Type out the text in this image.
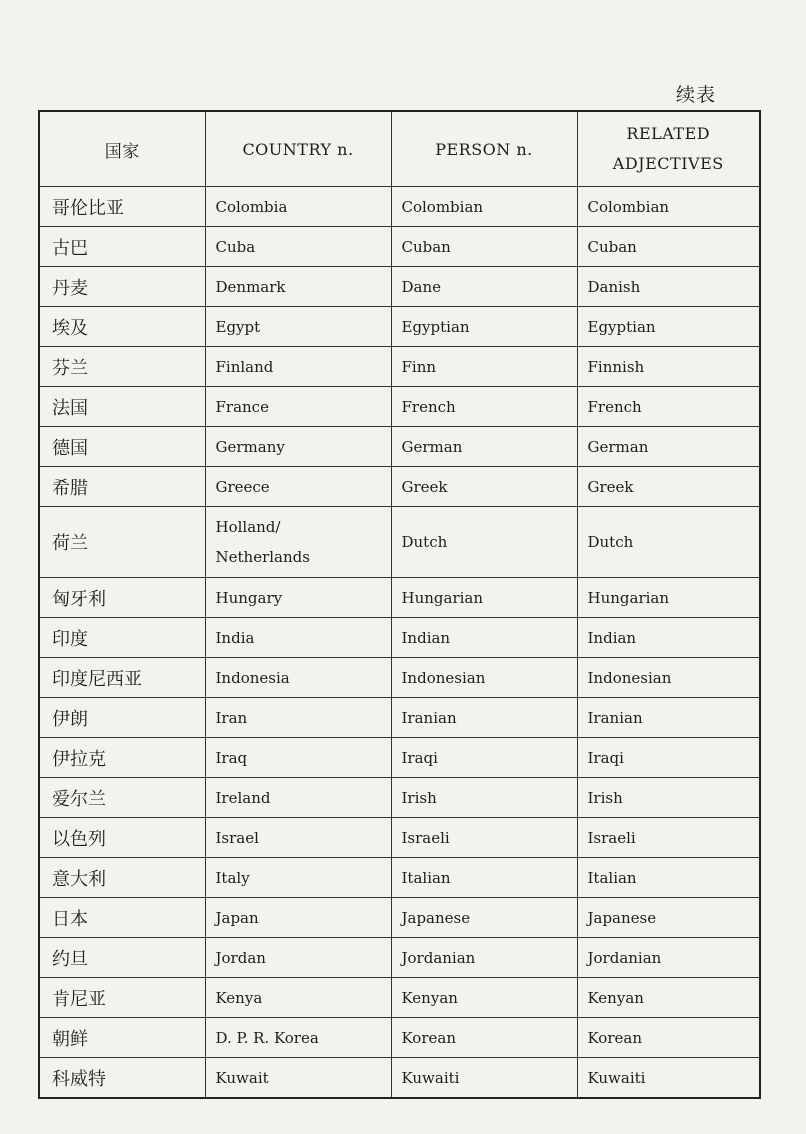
续表
国家	COUNTRY n.	PERSON n.	RELATED
ADJECTIVES

哥伦比亚	Colombia	Colombian	Colombian
古巴	Cuba	Cuban	Cuban
丹麦	Denmark	Dane	Danish
埃及	Egypt	Egyptian	Egyptian
芬兰	Finland	Finn	Finnish
法国	France	French	French
德国	Germany	German	German
希腊	Greece	Greek	Greek
荷兰	Holland/
Netherlands	Dutch	Dutch
匈牙利	Hungary	Hungarian	Hungarian
印度	India	Indian	Indian
印度尼西亚	Indonesia	Indonesian	Indonesian
伊朗	Iran	Iranian	Iranian
伊拉克	Iraq	Iraqi	Iraqi
爱尔兰	Ireland	Irish	Irish
以色列	Israel	Israeli	Israeli
意大利	Italy	Italian	Italian
日本	Japan	Japanese	Japanese
约旦	Jordan	Jordanian	Jordanian
肯尼亚	Kenya	Kenyan	Kenyan
朝鲜	D. P. R. Korea	Korean	Korean
科威特	Kuwait	Kuwaiti	Kuwaiti
